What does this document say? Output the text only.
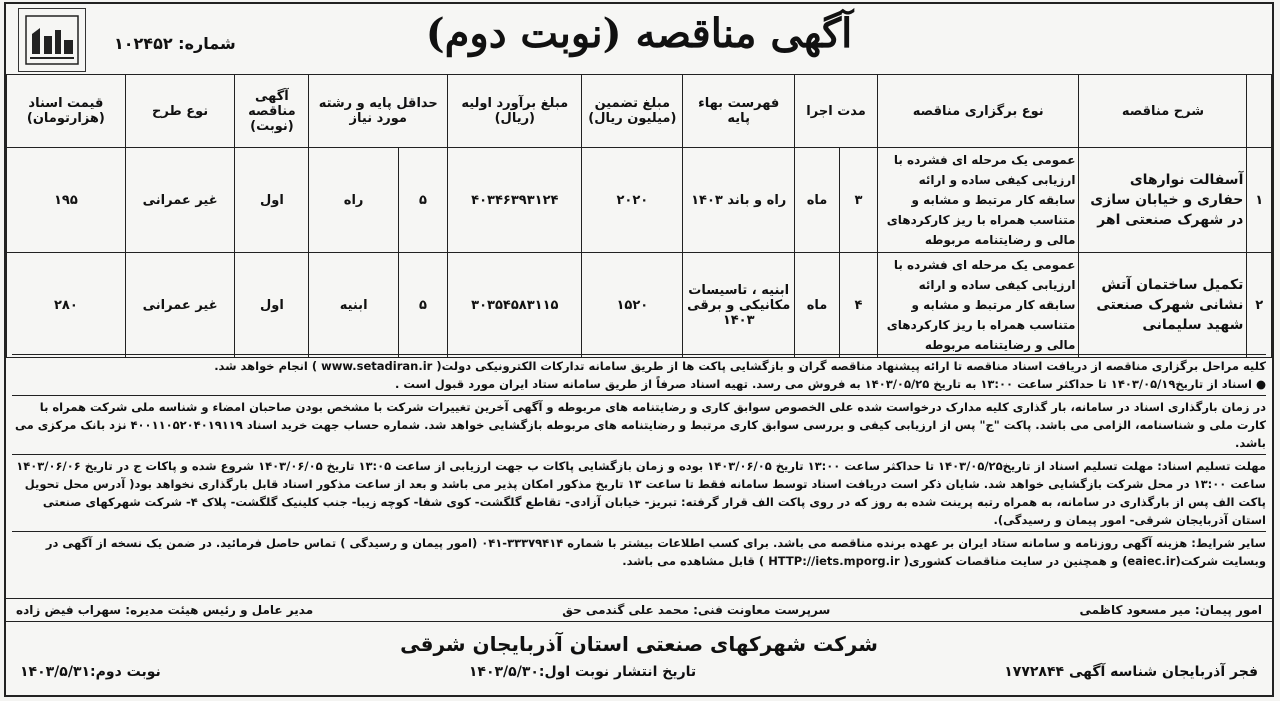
آگهی مناقصه (نوبت دوم)
شماره: ۱۰۲۴۵۲
	شرح مناقصه	نوع برگزاری مناقصه	مدت اجرا		فهرست بهاء پایه	مبلغ تضمین (میلیون ریال)	مبلغ برآورد اولیه (ریال)	حداقل پایه و رشته مورد نیاز		آگهی مناقصه (نوبت)	نوع طرح	قیمت اسناد (هزارتومان)
۱	آسفالت نوارهای حفاری و خیابان سازی در شهرک صنعتی اهر	عمومی یک مرحله ای فشرده با ارزیابی کیفی ساده و ارائه سابقه کار مرتبط و مشابه و متناسب همراه با ریز کارکردهای مالی و رضایتنامه مربوطه	۳	ماه	راه و باند ۱۴۰۳	۲۰۲۰	۴۰۳۴۶۳۹۳۱۲۴	۵	راه	اول	غیر عمرانی	۱۹۵
۲	تکمیل ساختمان آتش نشانی شهرک صنعتی شهید سلیمانی	عمومی یک مرحله ای فشرده با ارزیابی کیفی ساده و ارائه سابقه کار مرتبط و مشابه و متناسب همراه با ریز کارکردهای مالی و رضایتنامه مربوطه	۴	ماه	ابنیه ، تاسیسات مکانیکی و برقی ۱۴۰۳	۱۵۲۰	۳۰۳۵۴۵۸۳۱۱۵	۵	ابنیه	اول	غیر عمرانی	۲۸۰
کلیه مراحل برگزاری مناقصه از دریافت اسناد مناقصه تا ارائه پیشنهاد مناقصه گران و بازگشایی پاکت ها از طریق سامانه تدارکات الکترونیکی دولت( www.setadiran.ir ) انجام خواهد شد.
● اسناد از تاریخ۱۴۰۳/۰۵/۱۹ تا حداکثر ساعت ۱۳:۰۰ به تاریخ ۱۴۰۳/۰۵/۲۵ به فروش می رسد. تهیه اسناد صرفاً از طریق سامانه ستاد ایران مورد قبول است .
در زمان بارگذاری اسناد در سامانه، بار گذاری کلیه مدارک درخواست شده علی الخصوص سوابق کاری و رضایتنامه های مربوطه و آگهی آخرین تغییرات شرکت با مشخص بودن صاحبان امضاء و شناسه ملی شرکت همراه با کارت ملی و شناسنامه، الزامی می باشد. پاکت "ج" پس از ارزیابی کیفی و بررسی سوابق کاری مرتبط و رضایتنامه های مربوطه بازگشایی خواهد شد. شماره حساب جهت خرید اسناد ۴۰۰۱۱۰۵۲۰۴۰۱۹۱۱۹ نزد بانک مرکزی می باشد.
مهلت تسلیم اسناد: مهلت تسلیم اسناد از تاریخ۱۴۰۳/۰۵/۲۵ تا حداکثر ساعت ۱۳:۰۰ تاریخ ۱۴۰۳/۰۶/۰۵ بوده و زمان بازگشایی پاکات ب جهت ارزیابی از ساعت ۱۳:۰۵ تاریخ ۱۴۰۳/۰۶/۰۵ شروع شده و پاکات ج در تاریخ ۱۴۰۳/۰۶/۰۶ ساعت ۱۳:۰۰ در محل شرکت بازگشایی خواهد شد. شایان ذکر است دریافت اسناد توسط سامانه فقط تا ساعت ۱۳ تاریخ مذکور امکان پذیر می باشد و بعد از ساعت مذکور اسناد قابل بارگذاری نخواهد بود( آدرس محل تحویل پاکت الف پس از بارگذاری در سامانه، به همراه رتبه پرینت شده به روز که در روی پاکت الف قرار گرفته: تبریز- خیابان آزادی- تقاطع گلگشت- کوی شفا- کوچه زیبا- جنب کلینیک گلگشت- پلاک ۴- شرکت شهرکهای صنعتی استان آذربایجان شرقی- امور پیمان و رسیدگی).
سایر شرایط: هزینه آگهی روزنامه و سامانه ستاد ایران بر عهده برنده مناقصه می باشد. برای کسب اطلاعات بیشتر با شماره ۳۳۳۷۹۴۱۴-۰۴۱ (امور پیمان و رسیدگی ) تماس حاصل فرمائید. در ضمن یک نسخه از آگهی در وبسایت شرکت(eaiec.ir) و همچنین در سایت مناقصات کشوری( HTTP://iets.mporg.ir ) قابل مشاهده می باشد.
امور پیمان: میر مسعود کاظمی
سرپرست معاونت فنی: محمد علی گندمی حق
مدیر عامل و رئیس هیئت مدیره: سهراب فیض زاده
شرکت شهرکهای صنعتی استان آذربایجان شرقی
فجر آذربایجان شناسه آگهی ۱۷۷۲۸۴۴
تاریخ انتشار نوبت اول:۱۴۰۳/۵/۳۰
نوبت دوم:۱۴۰۳/۵/۳۱
